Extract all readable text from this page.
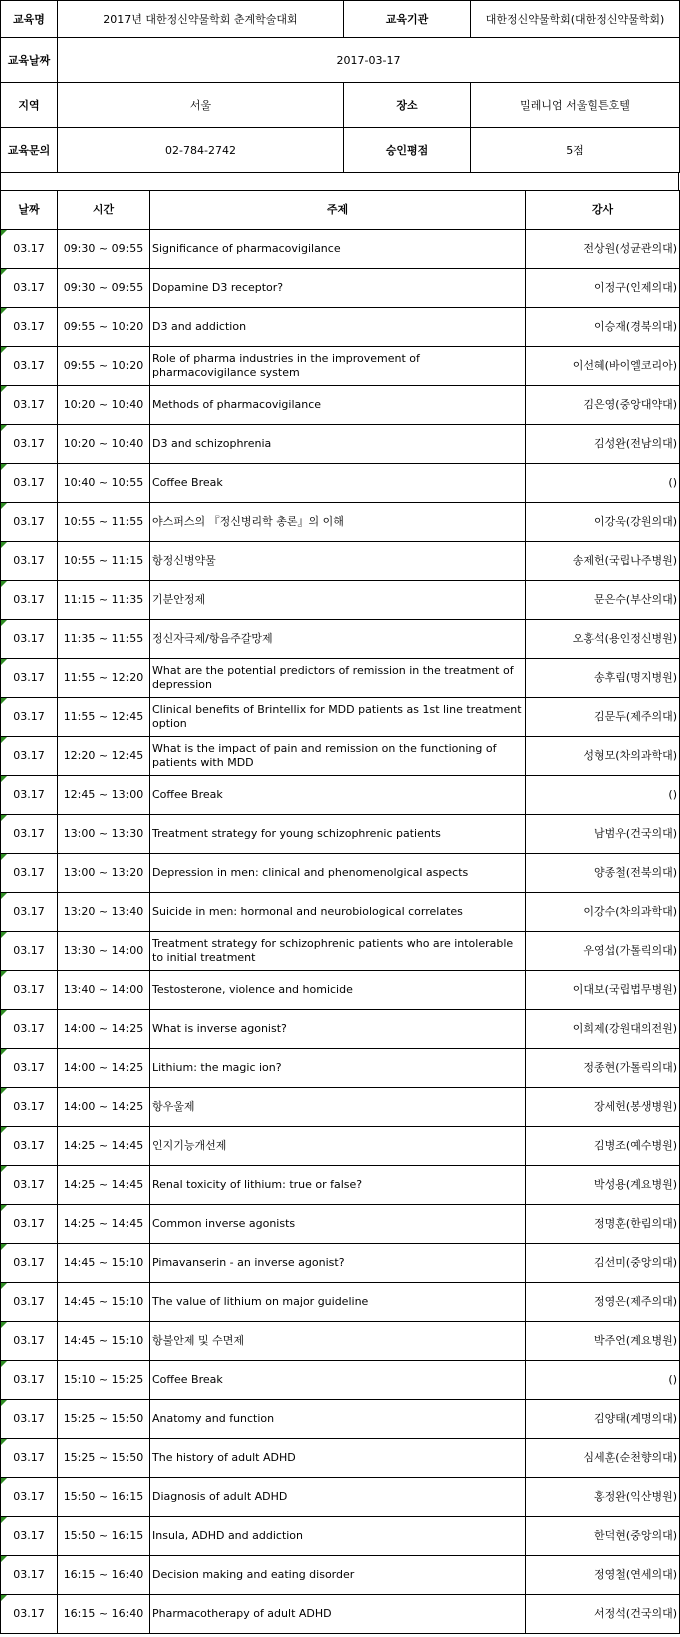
교육명	2017년 대한정신약물학회 춘계학술대회	교육기관	대한정신약물학회(대한정신약물학회)
교육날짜	2017-03-17		
지역	서울	장소	밀레니엄 서울힐튼호텔
교육문의	02-784-2742	승인평점	5점
날짜	시간	주제	강사
03.17	09:30 ~ 09:55	Significance of pharmacovigilance	전상원(성균관의대)
03.17	09:30 ~ 09:55	Dopamine D3 receptor?	이정구(인제의대)
03.17	09:55 ~ 10:20	D3 and addiction	이승재(경북의대)
03.17	09:55 ~ 10:20	Role of pharma industries in the improvement of pharmacovigilance system	이선혜(바이엘코리아)
03.17	10:20 ~ 10:40	Methods of pharmacovigilance	김은영(중앙대약대)
03.17	10:20 ~ 10:40	D3 and schizophrenia	김성완(전남의대)
03.17	10:40 ~ 10:55	Coffee Break	()
03.17	10:55 ~ 11:55	야스퍼스의 『정신병리학 총론』의 이해	이강욱(강원의대)
03.17	10:55 ~ 11:15	항정신병약물	송제헌(국립나주병원)
03.17	11:15 ~ 11:35	기분안정제	문은수(부산의대)
03.17	11:35 ~ 11:55	정신자극제/항음주갈망제	오홍석(용인정신병원)
03.17	11:55 ~ 12:20	What are the potential predictors of remission in the treatment of depression	송후림(명지병원)
03.17	11:55 ~ 12:45	Clinical benefits of Brintellix for MDD patients as 1st line treatment option	김문두(제주의대)
03.17	12:20 ~ 12:45	What is the impact of pain and remission on the functioning of patients with MDD	성형모(차의과학대)
03.17	12:45 ~ 13:00	Coffee Break	()
03.17	13:00 ~ 13:30	Treatment strategy for young schizophrenic patients	남범우(건국의대)
03.17	13:00 ~ 13:20	Depression in men: clinical and phenomenolgical aspects	양종철(전북의대)
03.17	13:20 ~ 13:40	Suicide in men: hormonal and neurobiological correlates	이강수(차의과학대)
03.17	13:30 ~ 14:00	Treatment strategy for schizophrenic patients who are intolerable to initial treatment	우영섭(가톨릭의대)
03.17	13:40 ~ 14:00	Testosterone, violence and homicide	이대보(국립법무병원)
03.17	14:00 ~ 14:25	What is inverse agonist?	이희제(강원대의전원)
03.17	14:00 ~ 14:25	Lithium: the magic ion?	정종현(가톨릭의대)
03.17	14:00 ~ 14:25	항우울제	장세헌(봉생병원)
03.17	14:25 ~ 14:45	인지기능개선제	김병조(예수병원)
03.17	14:25 ~ 14:45	Renal toxicity of lithium: true or false?	박성용(계요병원)
03.17	14:25 ~ 14:45	Common inverse agonists	정명훈(한림의대)
03.17	14:45 ~ 15:10	Pimavanserin - an inverse agonist?	김선미(중앙의대)
03.17	14:45 ~ 15:10	The value of lithium on major guideline	정영은(제주의대)
03.17	14:45 ~ 15:10	항불안제 및 수면제	박주언(계요병원)
03.17	15:10 ~ 15:25	Coffee Break	()
03.17	15:25 ~ 15:50	Anatomy and function	김양태(계명의대)
03.17	15:25 ~ 15:50	The history of adult ADHD	심세훈(순천향의대)
03.17	15:50 ~ 16:15	Diagnosis of adult ADHD	홍정완(익산병원)
03.17	15:50 ~ 16:15	Insula, ADHD and addiction	한덕현(중앙의대)
03.17	16:15 ~ 16:40	Decision making and eating disorder	정영철(연세의대)
03.17	16:15 ~ 16:40	Pharmacotherapy of adult ADHD	서정석(건국의대)
